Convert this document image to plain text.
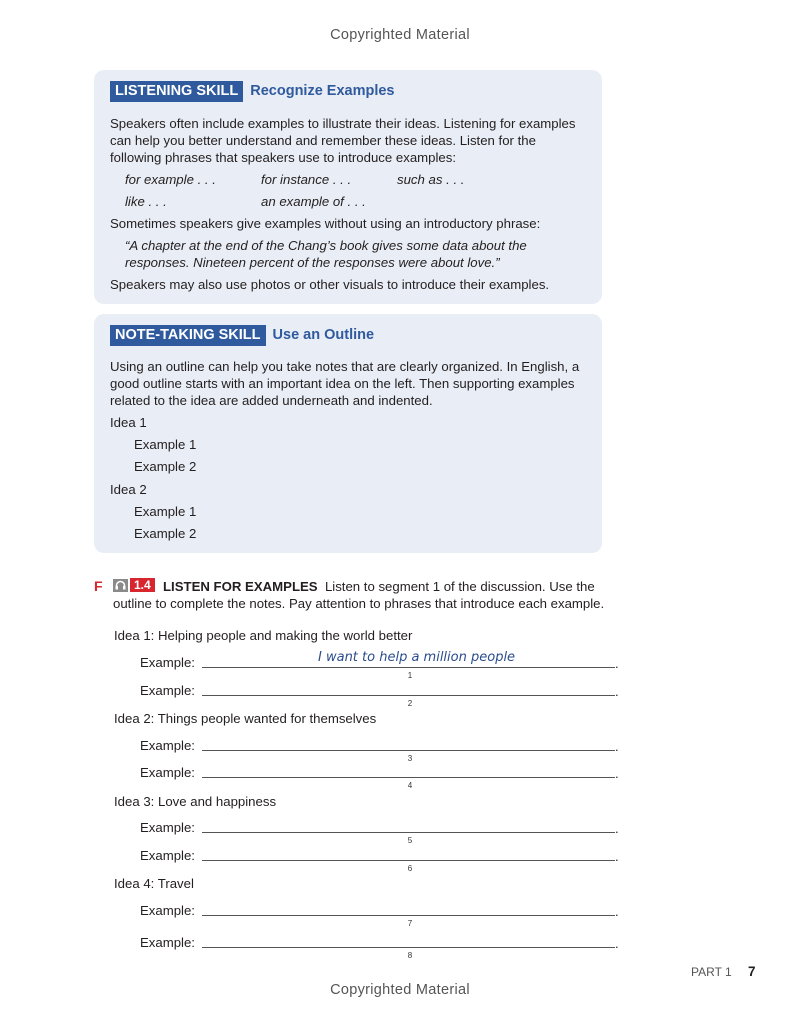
Copyrighted Material
LISTENING SKILL Recognize Examples
Speakers often include examples to illustrate their ideas. Listening for examples
can help you better understand and remember these ideas. Listen for the
following phrases that speakers use to introduce examples:
for example . . .	for instance . . .	such as . . .
like . . .	an example of . . .
Sometimes speakers give examples without using an introductory phrase:
“A chapter at the end of the Chang’s book gives some data about the
responses. Nineteen percent of the responses were about love.”
Speakers may also use photos or other visuals to introduce their examples.
NOTE-TAKING SKILL Use an Outline
Using an outline can help you take notes that are clearly organized. In English, a
good outline starts with an important idea on the left. Then supporting examples
related to the idea are added underneath and indented.
Idea 1
Example 1
Example 2
Idea 2
Example 1
Example 2
F	1.4 LISTEN FOR EXAMPLES Listen to segment 1 of the discussion. Use the
outline to complete the notes. Pay attention to phrases that introduce each example.
Idea 1: Helping people and making the world better
Example:	I want to help a million people	.
1
Example:	.
2
Idea 2: Things people wanted for themselves
Example:	.
3
Example:	.
4
Idea 3: Love and happiness
Example:	.
5
Example:	.
6
Idea 4: Travel
Example:	.
7
Example:	.
8
PART 1 7
Copyrighted Material
